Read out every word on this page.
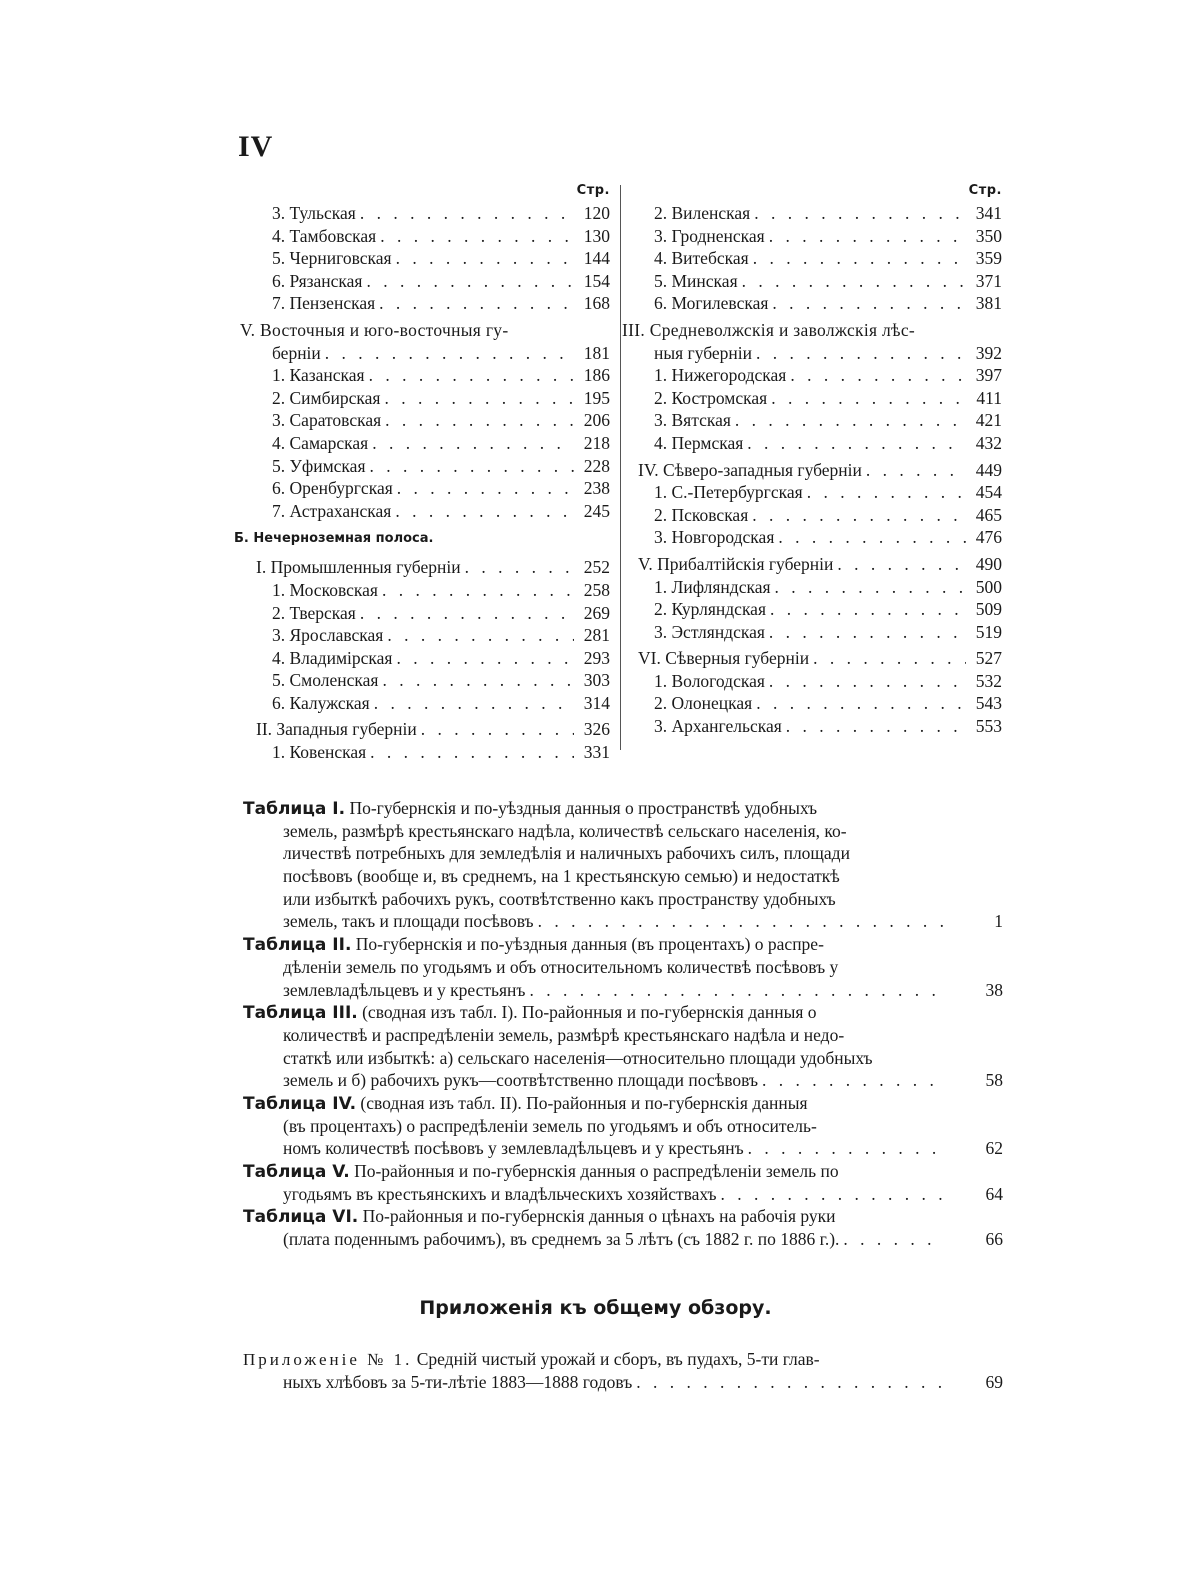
IV
Стр.
3. Тульская . . .	120
4. Тамбовская . . .	130
5. Черниговская . . .	144
6. Рязанская . . .	154
7. Пензенская . . .	168
V. Восточныя и юго-восточныя гу-
берніи . . .	181
1. Казанская . . .	186
2. Симбирская . . .	195
3. Саратовская . . .	206
4. Самарская . . .	218
5. Уфимская . . .	228
6. Оренбургская . . .	238
7. Астраханская . . .	245
Б. Нечерноземная полоса.
I. Промышленныя губерніи . . .	252
1. Московская . . .	258
2. Тверская . . .	269
3. Ярославская . . .	281
4. Владимірская . . .	293
5. Смоленская . . .	303
6. Калужская . . .	314
II. Западныя губерніи . . .	326
1. Ковенская . . .	331
Стр.
2. Виленская . . .	341
3. Гродненская . . .	350
4. Витебская . . .	359
5. Минская . . .	371
6. Могилевская . . .	381
III. Средневолжскія и заволжскія лѣс-
ныя губерніи . . .	392
1. Нижегородская . . .	397
2. Костромская . . .	411
3. Вятская . . .	421
4. Пермская . . .	432
IV. Сѣверо-западныя губерніи . . .	449
1. С.-Петербургская . . .	454
2. Псковская . . .	465
3. Новгородская . . .	476
V. Прибалтійскія губерніи . . .	490
1. Лифляндская . . .	500
2. Курляндская . . .	509
3. Эстляндская . . .	519
VI. Сѣверныя губерніи . . .	527
1. Вологодская . . .	532
2. Олонецкая . . .	543
3. Архангельская . . .	553
Таблица I. По-губернскія и по-уѣздныя данныя о пространствѣ удобныхъ
земель, размѣрѣ крестьянскаго надѣла, количествѣ сельскаго населенія, ко-
личествѣ потребныхъ для земледѣлія и наличныхъ рабочихъ силъ, площади
посѣвовъ (вообще и, въ среднемъ, на 1 крестьянскую семью) и недостаткѣ
или избыткѣ рабочихъ рукъ, соотвѣтственно какъ пространству удобныхъ
земель, такъ и площади посѣвовъ . . .	1
Таблица II. По-губернскія и по-уѣздныя данныя (въ процентахъ) о распре-
дѣленіи земель по угодьямъ и объ относительномъ количествѣ посѣвовъ у
землевладѣльцевъ и у крестьянъ . . .	38
Таблица III. (сводная изъ табл. I). По-районныя и по-губернскія данныя о
количествѣ и распредѣленіи земель, размѣрѣ крестьянскаго надѣла и недо-
статкѣ или избыткѣ: а) сельскаго населенія—относительно площади удобныхъ
земель и б) рабочихъ рукъ—соотвѣтственно площади посѣвовъ . . .	58
Таблица IV. (сводная изъ табл. II). По-районныя и по-губернскія данныя
(въ процентахъ) о распредѣленіи земель по угодьямъ и объ относитель-
номъ количествѣ посѣвовъ у землевладѣльцевъ и у крестьянъ . . .	62
Таблица V. По-районныя и по-губернскія данныя о распредѣленіи земель по
угодьямъ въ крестьянскихъ и владѣльческихъ хозяйствахъ . . .	64
Таблица VI. По-районныя и по-губернскія данныя о цѣнахъ на рабочія руки
(плата поденнымъ рабочимъ), въ среднемъ за 5 лѣтъ (съ 1882 г. по 1886 г.). . . .	66
Приложенія къ общему обзору.
Приложеніе № 1. Средній чистый урожай и сборъ, въ пудахъ, 5-ти глав-
ныхъ хлѣбовъ за 5-ти-лѣтіе 1883—1888 годовъ . . .	69
